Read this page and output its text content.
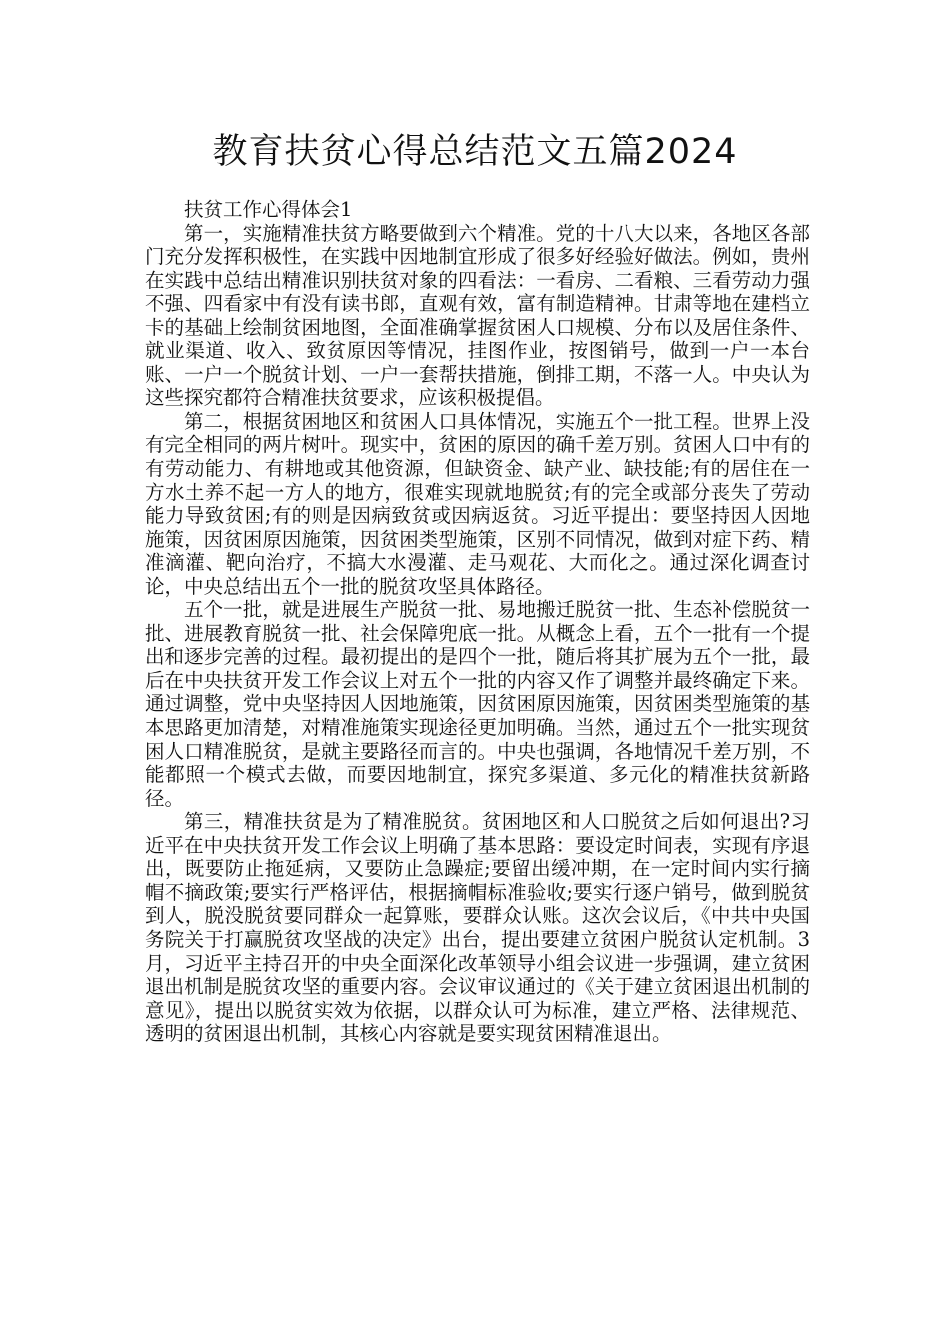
教育扶贫心得总结范文五篇2024

扶贫工作心得体会1

第一，实施精准扶贫方略要做到六个精准。党的十八大以来，各地区各部门充分发挥积极性，在实践中因地制宜形成了很多好经验好做法。例如，贵州在实践中总结出精准识别扶贫对象的四看法：一看房、二看粮、三看劳动力强不强、四看家中有没有读书郎，直观有效，富有制造精神。甘肃等地在建档立卡的基础上绘制贫困地图，全面准确掌握贫困人口规模、分布以及居住条件、就业渠道、收入、致贫原因等情况，挂图作业，按图销号，做到一户一本台账、一户一个脱贫计划、一户一套帮扶措施，倒排工期，不落一人。中央认为这些探究都符合精准扶贫要求，应该积极提倡。

第二，根据贫困地区和贫困人口具体情况，实施五个一批工程。世界上没有完全相同的两片树叶。现实中，贫困的原因的确千差万别。贫困人口中有的有劳动能力、有耕地或其他资源，但缺资金、缺产业、缺技能;有的居住在一方水土养不起一方人的地方，很难实现就地脱贫;有的完全或部分丧失了劳动能力导致贫困;有的则是因病致贫或因病返贫。习近平提出：要坚持因人因地施策，因贫困原因施策，因贫困类型施策，区别不同情况，做到对症下药、精准滴灌、靶向治疗，不搞大水漫灌、走马观花、大而化之。通过深化调查讨论，中央总结出五个一批的脱贫攻坚具体路径。

五个一批，就是进展生产脱贫一批、易地搬迁脱贫一批、生态补偿脱贫一批、进展教育脱贫一批、社会保障兜底一批。从概念上看，五个一批有一个提出和逐步完善的过程。最初提出的是四个一批，随后将其扩展为五个一批，最后在中央扶贫开发工作会议上对五个一批的内容又作了调整并最终确定下来。通过调整，党中央坚持因人因地施策，因贫困原因施策，因贫困类型施策的基本思路更加清楚，对精准施策实现途径更加明确。当然，通过五个一批实现贫困人口精准脱贫，是就主要路径而言的。中央也强调，各地情况千差万别，不能都照一个模式去做，而要因地制宜，探究多渠道、多元化的精准扶贫新路径。

第三，精准扶贫是为了精准脱贫。贫困地区和人口脱贫之后如何退出?习近平在中央扶贫开发工作会议上明确了基本思路：要设定时间表，实现有序退出，既要防止拖延病，又要防止急躁症;要留出缓冲期，在一定时间内实行摘帽不摘政策;要实行严格评估，根据摘帽标准验收;要实行逐户销号，做到脱贫到人，脱没脱贫要同群众一起算账，要群众认账。这次会议后，《中共中央国务院关于打赢脱贫攻坚战的决定》出台，提出要建立贫困户脱贫认定机制。3月，习近平主持召开的中央全面深化改革领导小组会议进一步强调，建立贫困退出机制是脱贫攻坚的重要内容。会议审议通过的《关于建立贫困退出机制的意见》，提出以脱贫实效为依据，以群众认可为标准，建立严格、法律规范、透明的贫困退出机制，其核心内容就是要实现贫困精准退出。
